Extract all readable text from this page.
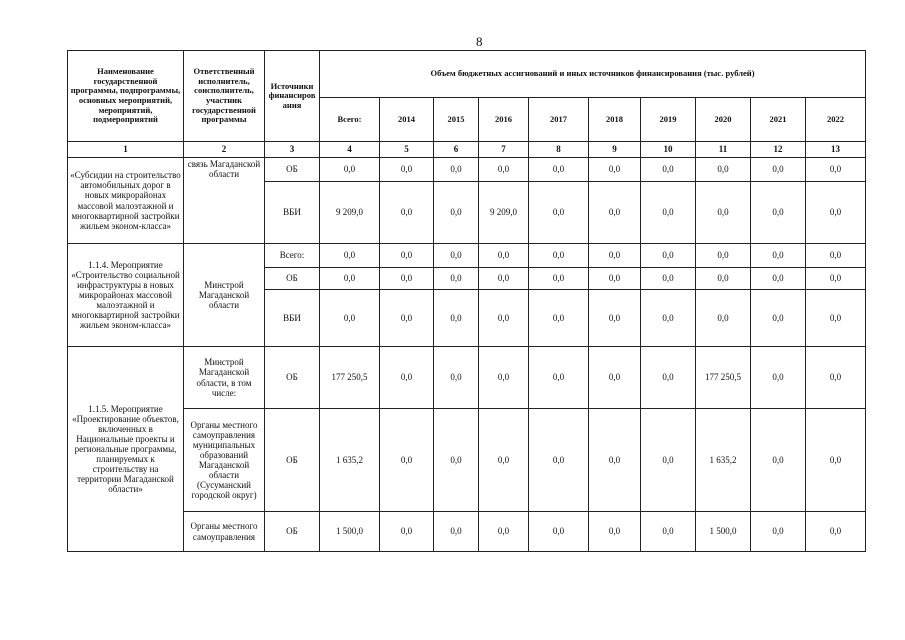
8
Наименование государственной программы, подпрограммы, основных мероприятий, мероприятий, подмероприятий	Ответственный исполнитель, соисполнитель, участник государственной программы	Источники финансиров ания	Объем бюджетных ассигнований и иных источников финансирования (тыс. рублей)									
			Всего:	2014	2015	2016	2017	2018	2019	2020	2021	2022
1	2	3	4	5	6	7	8	9	10	11	12	13
«Субсидии на строительство автомобильных дорог в новых микрорайонах массовой малоэтажной и многоквартирной застройки жильем эконом-класса»	связь Магаданской области	ОБ	0,0	0,0	0,0	0,0	0,0	0,0	0,0	0,0	0,0	0,0
		ВБИ	9 209,0	0,0	0,0	9 209,0	0,0	0,0	0,0	0,0	0,0	0,0
1.1.4. Мероприятие «Строительство социальной инфраструктуры в новых микрорайонах массовой малоэтажной и многоквартирной застройки жильем эконом-класса»	Минстрой Магаданской области	Всего:	0,0	0,0	0,0	0,0	0,0	0,0	0,0	0,0	0,0	0,0
		ОБ	0,0	0,0	0,0	0,0	0,0	0,0	0,0	0,0	0,0	0,0
		ВБИ	0,0	0,0	0,0	0,0	0,0	0,0	0,0	0,0	0,0	0,0
1.1.5. Мероприятие «Проектирование объектов, включенных в Национальные проекты и региональные программы, планируемых к строительству на территории Магаданской области»	Минстрой Магаданской области, в том числе:	ОБ	177 250,5	0,0	0,0	0,0	0,0	0,0	0,0	177 250,5	0,0	0,0
	Органы местного самоуправления муниципальных образований Магаданской области (Сусуманский городской округ)	ОБ	1 635,2	0,0	0,0	0,0	0,0	0,0	0,0	1 635,2	0,0	0,0
	Органы местного самоуправления	ОБ	1 500,0	0,0	0,0	0,0	0,0	0,0	0,0	1 500,0	0,0	0,0
